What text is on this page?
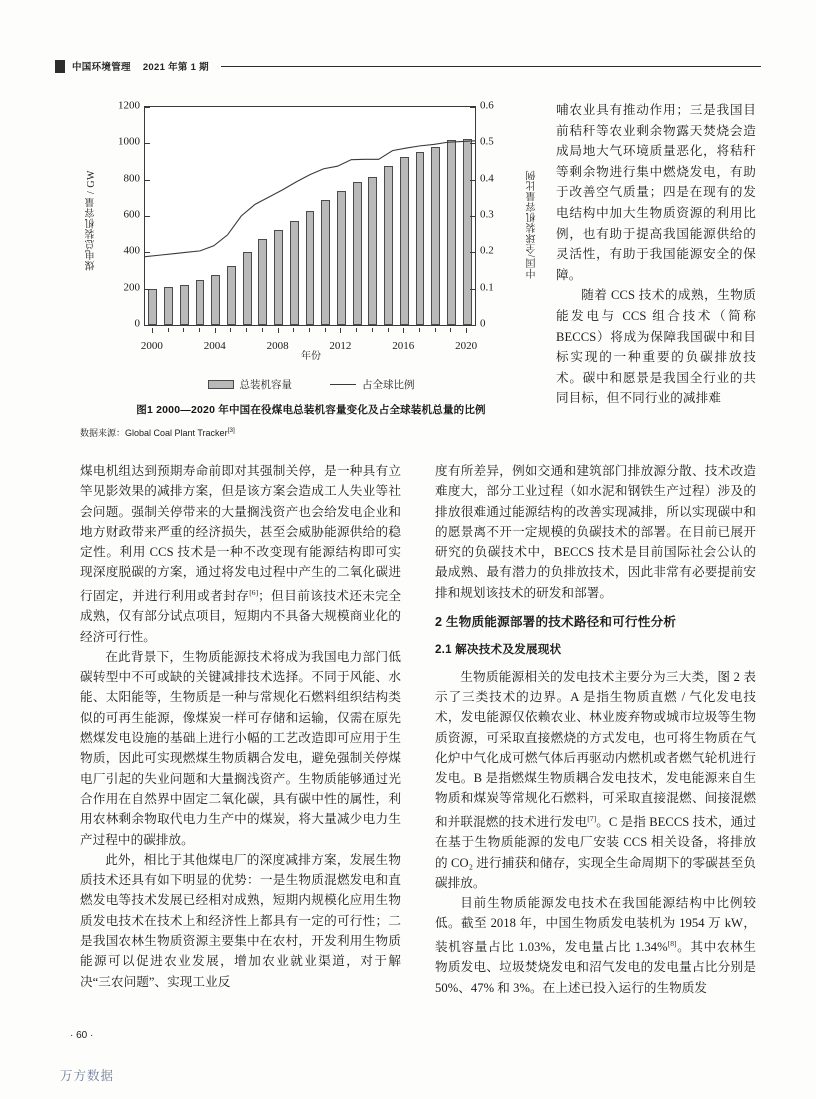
中国环境管理 2021 年第 1 期
煤电总装机容量 / GW	中国/全球装机容量比例
0
200
400
600
800
1000
1200
0
0.1
0.2
0.3
0.4
0.5
0.6
2000	2004	2008	2012	2016	2020
年份
总装机容量	占全球比例
图1 2000—2020 年中国在役煤电总装机容量变化及占全球装机总量的比例
数据来源：Global Coal Plant Tracker[3]

哺农业具有推动作用；三是我国目前秸秆等农业剩余物露天焚烧会造成局地大气环境质量恶化，将秸秆等剩余物进行集中燃烧发电，有助于改善空气质量；四是在现有的发电结构中加大生物质资源的利用比例，也有助于提高我国能源供给的灵活性，有助于我国能源安全的保障。

随着 CCS 技术的成熟，生物质能发电与 CCS 组合技术（简称 BECCS）将成为保障我国碳中和目标实现的一种重要的负碳排放技术。碳中和愿景是我国全行业的共同目标，但不同行业的减排难

煤电机组达到预期寿命前即对其强制关停，是一种具有立竿见影效果的减排方案，但是该方案会造成工人失业等社会问题。强制关停带来的大量搁浅资产也会给发电企业和地方财政带来严重的经济损失，甚至会威胁能源供给的稳定性。利用 CCS 技术是一种不改变现有能源结构即可实现深度脱碳的方案，通过将发电过程中产生的二氧化碳进行固定，并进行利用或者封存[6]；但目前该技术还未完全成熟，仅有部分试点项目，短期内不具备大规模商业化的经济可行性。

在此背景下，生物质能源技术将成为我国电力部门低碳转型中不可或缺的关键减排技术选择。不同于风能、水能、太阳能等，生物质是一种与常规化石燃料组织结构类似的可再生能源，像煤炭一样可存储和运输，仅需在原先燃煤发电设施的基础上进行小幅的工艺改造即可应用于生物质，因此可实现燃煤生物质耦合发电，避免强制关停煤电厂引起的失业问题和大量搁浅资产。生物质能够通过光合作用在自然界中固定二氧化碳，具有碳中性的属性，利用农林剩余物取代电力生产中的煤炭，将大量减少电力生产过程中的碳排放。

此外，相比于其他煤电厂的深度减排方案，发展生物质技术还具有如下明显的优势：一是生物质混燃发电和直燃发电等技术发展已经相对成熟，短期内规模化应用生物质发电技术在技术上和经济性上都具有一定的可行性；二是我国农林生物质资源主要集中在农村，开发利用生物质能源可以促进农业发展，增加农业就业渠道，对于解决“三农问题”、实现工业反

度有所差异，例如交通和建筑部门排放源分散、技术改造难度大，部分工业过程（如水泥和钢铁生产过程）涉及的排放很难通过能源结构的改善实现减排，所以实现碳中和的愿景离不开一定规模的负碳技术的部署。在目前已展开研究的负碳技术中，BECCS 技术是目前国际社会公认的最成熟、最有潜力的负排放技术，因此非常有必要提前安排和规划该技术的研发和部署。

2 生物质能源部署的技术路径和可行性分析
2.1 解决技术及发展现状

生物质能源相关的发电技术主要分为三大类，图 2 表示了三类技术的边界。A 是指生物质直燃 / 气化发电技术，发电能源仅依赖农业、林业废弃物或城市垃圾等生物质资源，可采取直接燃烧的方式发电，也可将生物质在气化炉中气化成可燃气体后再驱动内燃机或者燃气轮机进行发电。B 是指燃煤生物质耦合发电技术，发电能源来自生物质和煤炭等常规化石燃料，可采取直接混燃、间接混燃和并联混燃的技术进行发电[7]。C 是指 BECCS 技术，通过在基于生物质能源的发电厂安装 CCS 相关设备，将排放的 CO₂ 进行捕获和储存，实现全生命周期下的零碳甚至负碳排放。

目前生物质能源发电技术在我国能源结构中比例较低。截至 2018 年，中国生物质发电装机为 1954 万 kW，装机容量占比 1.03%，发电量占比 1.34%[8]。其中农林生物质发电、垃圾焚烧发电和沼气发电的发电量占比分别是 50%、47% 和 3%。在上述已投入运行的生物质发

· 60 ·
万方数据
